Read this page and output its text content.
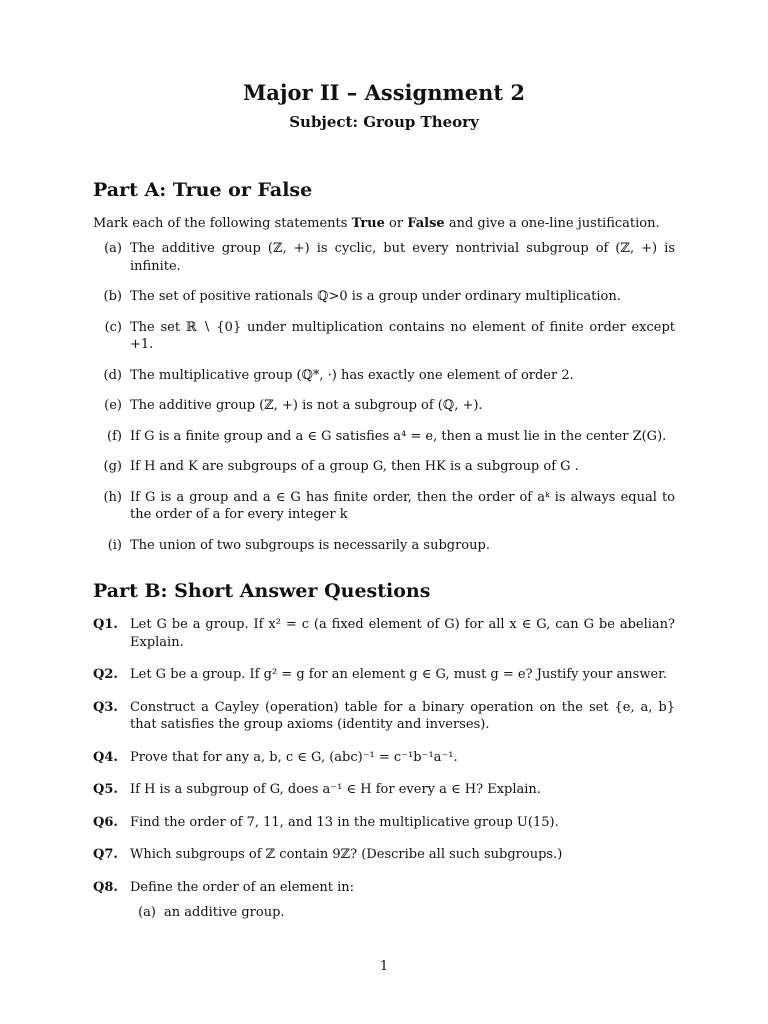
Major II – Assignment 2
Subject: Group Theory
Part A: True or False

Mark each of the following statements True or False and give a one-line justification.

(a) The additive group (ℤ, +) is cyclic, but every nontrivial subgroup of (ℤ, +) is infinite.
(b) The set of positive rationals ℚ>0 is a group under ordinary multiplication.
(c) The set ℝ ∖ {0} under multiplication contains no element of finite order except +1.
(d) The multiplicative group (ℚ*, ·) has exactly one element of order 2.
(e) The additive group (ℤ, +) is not a subgroup of (ℚ, +).
(f) If G is a finite group and a ∈ G satisfies a⁴ = e, then a must lie in the center Z(G).
(g) If H and K are subgroups of a group G, then HK is a subgroup of G .
(h) If G is a group and a ∈ G has finite order, then the order of aᵏ is always equal to the order of a for every integer k
(i) The union of two subgroups is necessarily a subgroup.
Part B: Short Answer Questions
Q1. Let G be a group. If x² = c (a fixed element of G) for all x ∈ G, can G be abelian? Explain.
Q2. Let G be a group. If g² = g for an element g ∈ G, must g = e? Justify your answer.
Q3. Construct a Cayley (operation) table for a binary operation on the set {e, a, b} that satisfies the group axioms (identity and inverses).
Q4. Prove that for any a, b, c ∈ G, (abc)⁻¹ = c⁻¹b⁻¹a⁻¹.
Q5. If H is a subgroup of G, does a⁻¹ ∈ H for every a ∈ H? Explain.
Q6. Find the order of 7, 11, and 13 in the multiplicative group U(15).
Q7. Which subgroups of ℤ contain 9ℤ? (Describe all such subgroups.)
Q8. Define the order of an element in:
(a) an additive group.
1
